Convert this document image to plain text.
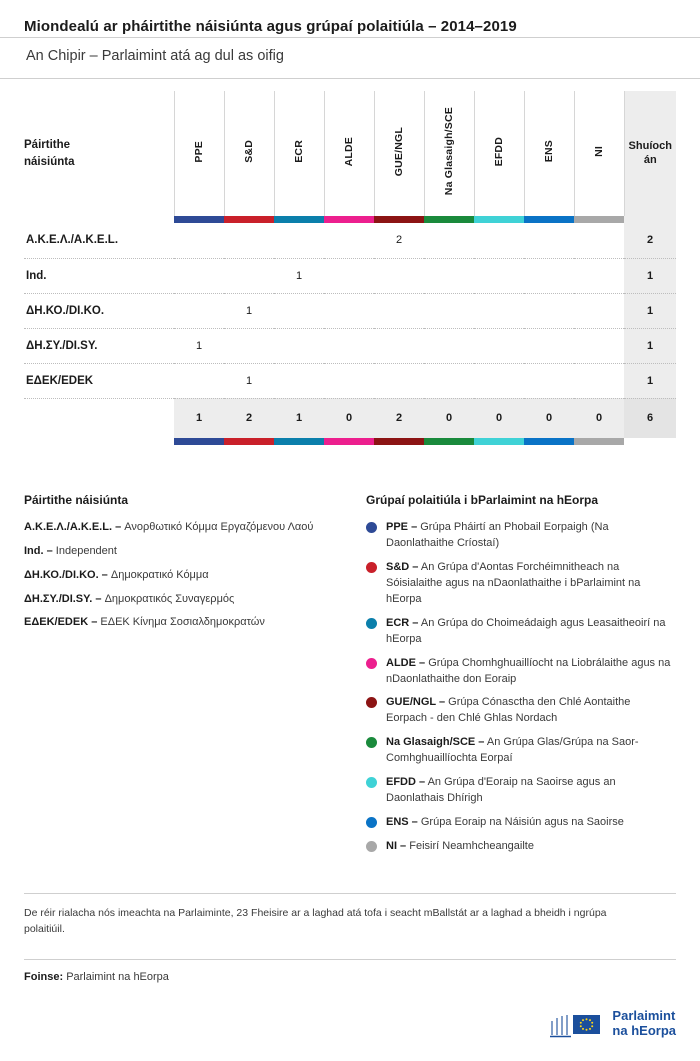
Miondealú ar pháirtithe náisiúnta agus grúpaí polaitiúla – 2014–2019
An Chipir – Parlaimint atá ag dul as oifig
Páirtithe
náisiúnta	PPE	S&D	ECR	ALDE	GUE/NGL	Na Glasaigh/SCE	EFDD	ENS	NI	Shuíoch
án

Α.Κ.Ε.Λ./A.K.E.L.					2					2
Ind.			1							1
ΔΗ.ΚΟ./DI.KO.		1								1
ΔΗ.ΣΥ./DI.SY.	1									1
ΕΔΕΚ/EDEK		1								1
	1	2	1	0	2	0	0	0	0	6

Páirtithe náisiúnta
Α.Κ.Ε.Λ./A.K.E.L. – Ανορθωτικό Κόμμα Εργαζόμενου Λαού
Ind. – Independent
ΔΗ.ΚΟ./DI.KO. – Δημοκρατικό Κόμμα
ΔΗ.ΣΥ./DI.SY. – Δημοκρατικός Συναγερμός
ΕΔΕΚ/EDEK – ΕΔΕΚ Κίνημα Σοσιαλδημοκρατών
Grúpaí polaitiúla i bParlaimint na hEorpa
PPE – Grúpa Pháirtí an Phobail Eorpaigh (Na Daonlathaithe Críostaí)
S&D – An Grúpa d'Aontas Forchéimnitheach na Sóisialaithe agus na nDaonlathaithe i bParlaimint na hEorpa
ECR – An Grúpa do Choimeádaigh agus Leasaitheoirí na hEorpa
ALDE – Grúpa Chomhghuaillíocht na Liobrálaithe agus na nDaonlathaithe don Eoraip
GUE/NGL – Grúpa Cónasctha den Chlé Aontaithe Eorpach - den Chlé Ghlas Nordach
Na Glasaigh/SCE – An Grúpa Glas/Grúpa na Saor-Comhghuaillíochta Eorpaí
EFDD – An Grúpa d'Eoraip na Saoirse agus an Daonlathais Dhírigh
ENS – Grúpa Eoraip na Náisiún agus na Saoirse
NI – Feisirí Neamhcheangailte
De réir rialacha nós imeachta na Parlaiminte, 23 Fheisire ar a laghad atá tofa i seacht mBallstát ar a laghad a bheidh i ngrúpa polaitiúil.
Foinse: Parlaimint na hEorpa
Parlaimint
na hEorpa
